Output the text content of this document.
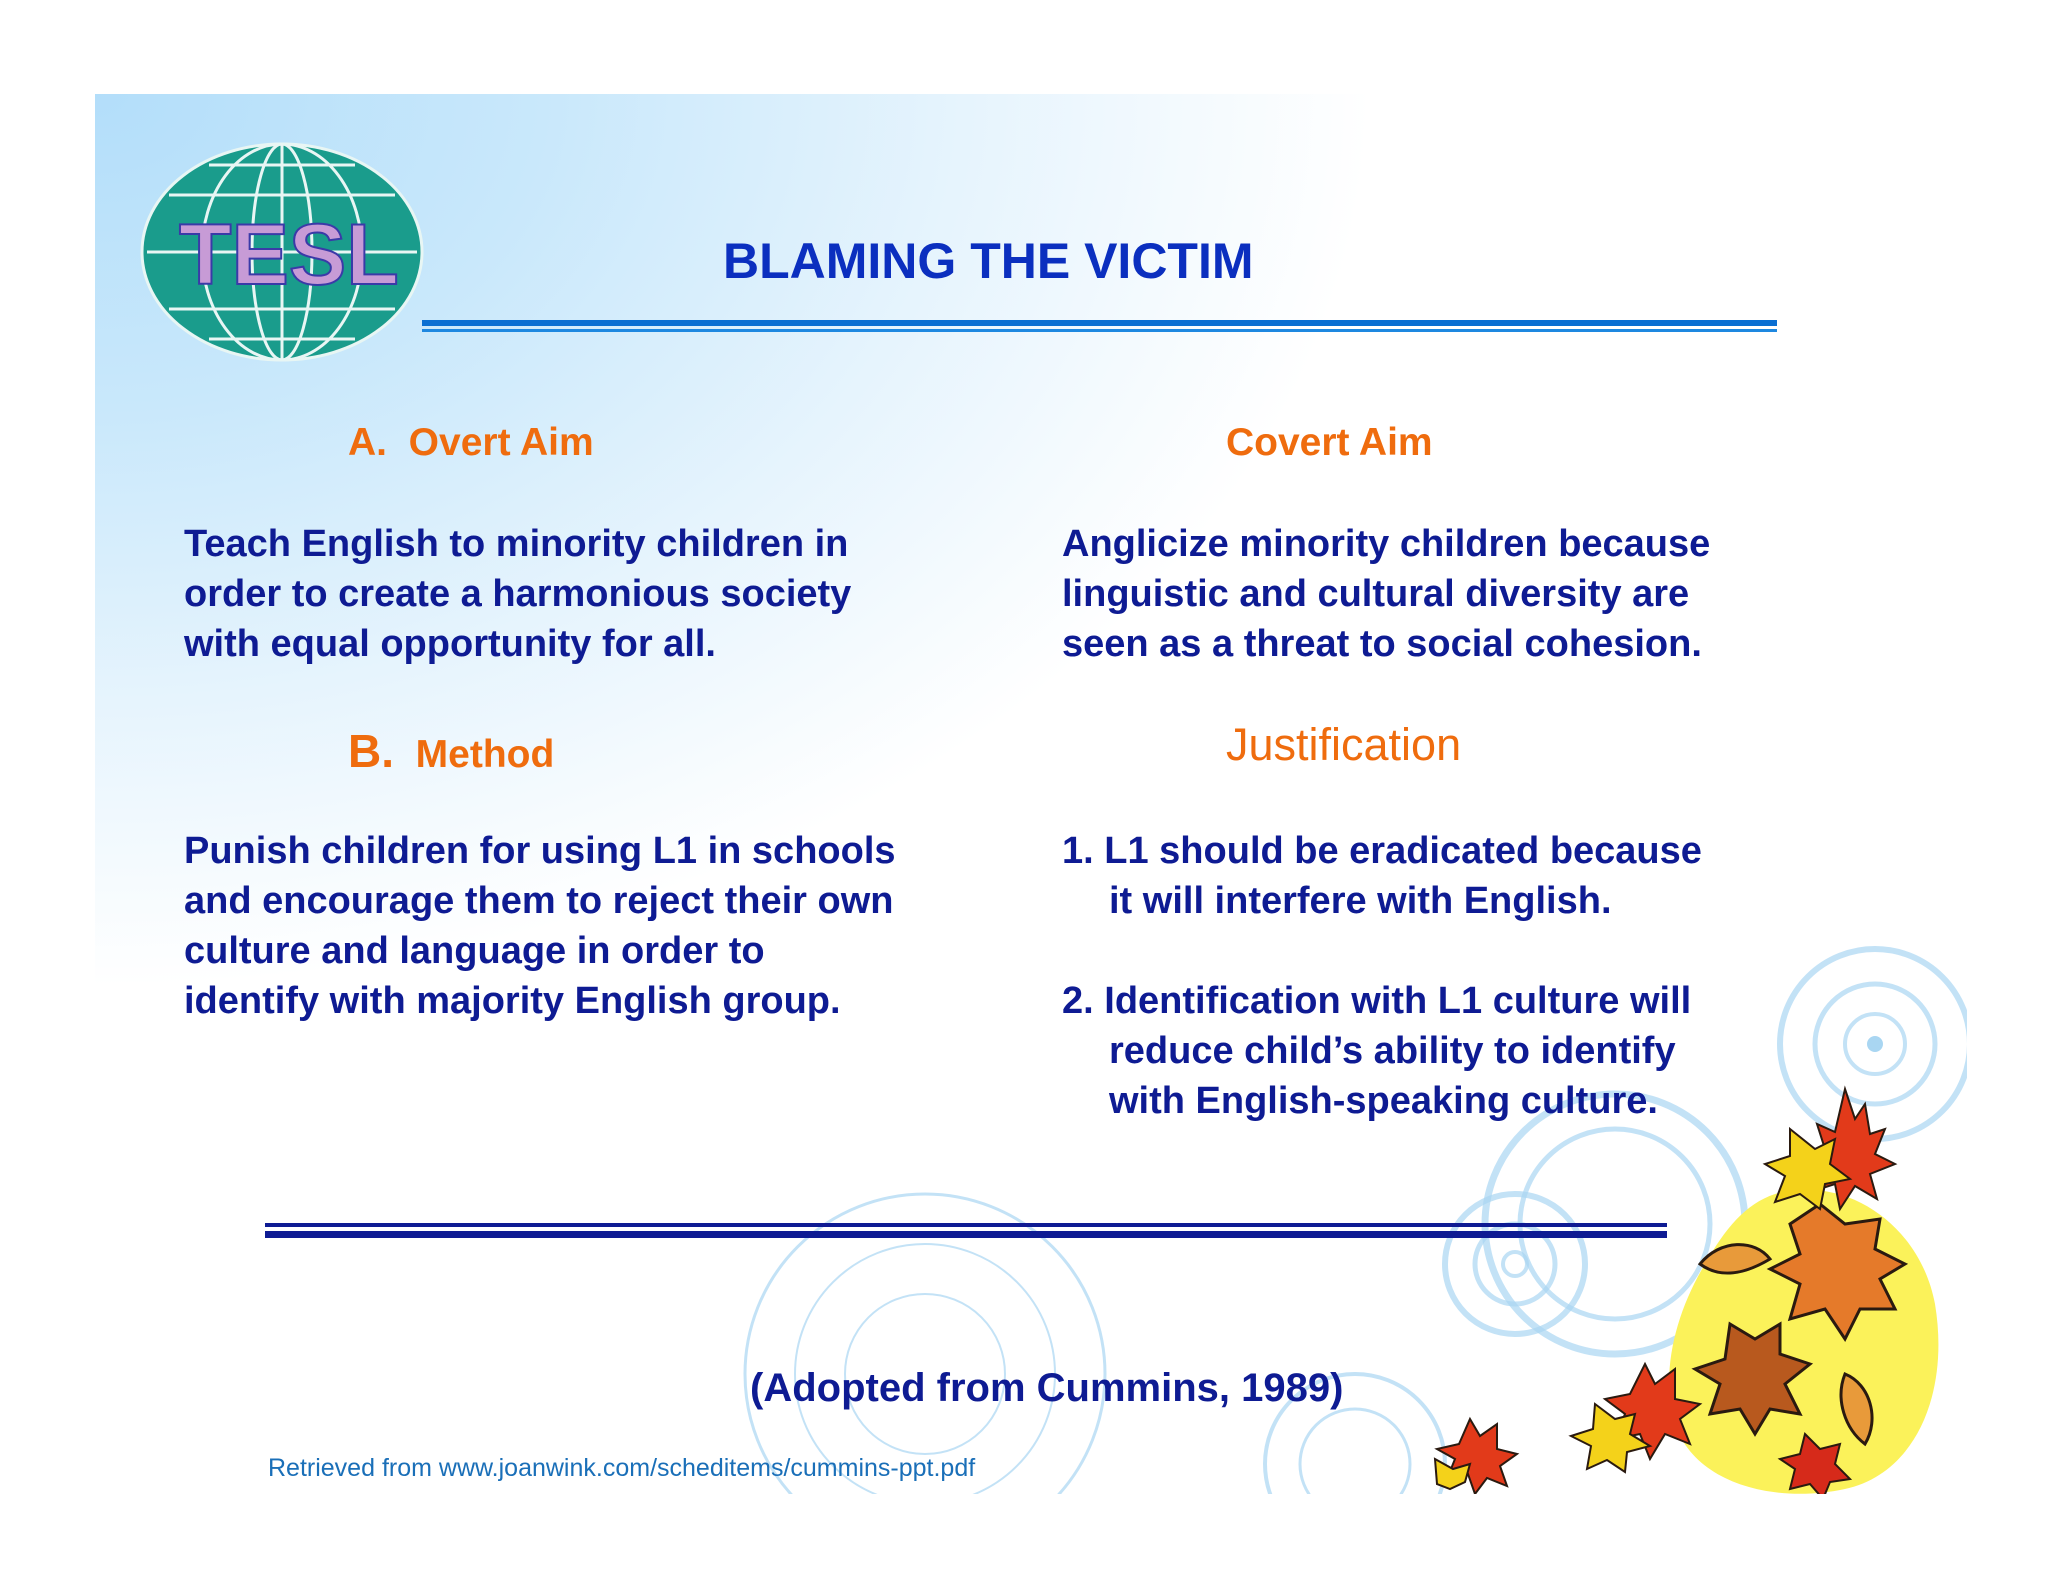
TESL	BLAMING THE VICTIM
A. Overt Aim
Teach English to minority children in
order to create a harmonious society
with equal opportunity for all.
B. Method
Punish children for using L1 in schools
and encourage them to reject their own
culture and language in order to
identify with majority English group.
Covert Aim
Anglicize minority children because
linguistic and cultural diversity are
seen as a threat to social cohesion.
Justification
1. L1 should be eradicated because
it will interfere with English.
2. Identification with L1 culture will
reduce child’s ability to identify
with English-speaking culture.
(Adopted from Cummins, 1989)
Retrieved from www.joanwink.com/scheditems/cummins-ppt.pdf
